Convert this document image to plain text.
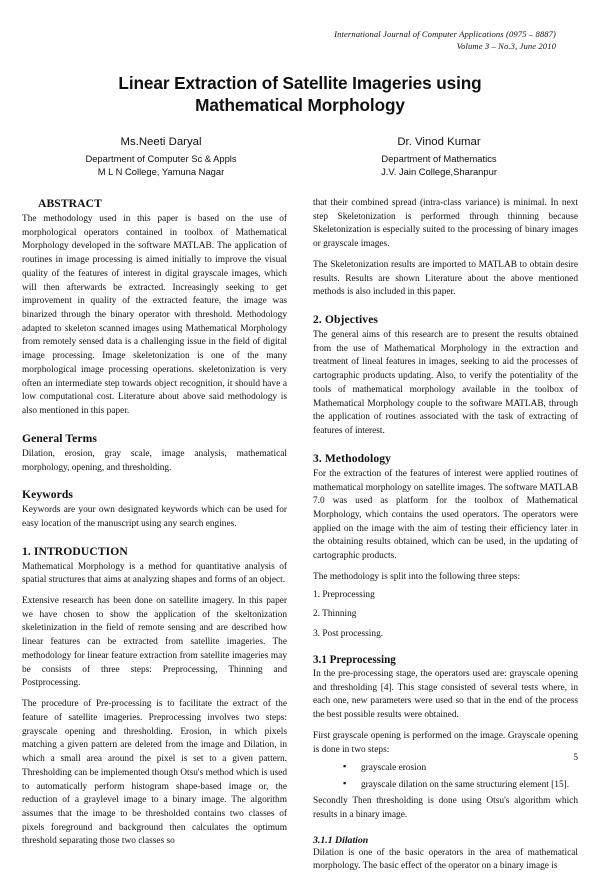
International Journal of Computer Applications (0975 – 8887)
Volume 3 – No.3, June 2010
Linear Extraction of Satellite Imageries using
Mathematical Morphology
Ms.Neeti Daryal
Department of Computer Sc & Appls
M L N College, Yamuna Nagar
Dr. Vinod Kumar
Department of Mathematics
J.V. Jain College,Sharanpur
ABSTRACT

The methodology used in this paper is based on the use of morphological operators contained in toolbox of Mathematical Morphology developed in the software MATLAB. The application of routines in image processing is aimed initially to improve the visual quality of the features of interest in digital grayscale images, which will then afterwards be extracted. Increasingly seeking to get improvement in quality of the extracted feature, the image was binarized through the binary operator with threshold. Methodology adapted to skeleton scanned images using Mathematical Morphology from remotely sensed data is a challenging issue in the field of digital image processing. Image skeletonization is one of the many morphological image processing operations. skeletonization is very often an intermediate step towards object recognition, it should have a low computational cost. Literature about above said methodology is also mentioned in this paper.

General Terms

Dilation, erosion, gray scale, image analysis, mathematical morphology, opening, and thresholding.

Keywords

Keywords are your own designated keywords which can be used for easy location of the manuscript using any search engines.

1. INTRODUCTION

Mathematical Morphology is a method for quantitative analysis of spatial structures that aims at analyzing shapes and forms of an object.

Extensive research has been done on satellite imagery. In this paper we have chosen to show the application of the skeltonization skeletinization in the field of remote sensing and are described how linear features can be extracted from satellite imageries. The methodology for linear feature extraction from satellite imageries may be consists of three steps: Preprocessing, Thinning and Postprocessing.

The procedure of Pre-processing is to facilitate the extract of the feature of satellite imageries. Preprocessing involves two steps: grayscale opening and thresholding. Erosion, in which pixels matching a given pattern are deleted from the image and Dilation, in which a small area around the pixel is set to a given pattern. Thresholding can be implemented though Otsu's method which is used to automatically perform histogram shape-based image or, the reduction of a graylevel image to a binary image. The algorithm assumes that the image to be thresholded contains two classes of pixels foreground and background then calculates the optimum threshold separating those two classes so

that their combined spread (intra-class variance) is minimal. In next step Skeletonization is performed through thinning because Skeletonization is especially suited to the processing of binary images or grayscale images.

The Skeletonization results are imported to MATLAB to obtain desire results. Results are shown Literature about the above mentioned methods is also included in this paper.

2. Objectives

The general aims of this research are to present the results obtained from the use of Mathematical Morphology in the extraction and treatment of lineal features in images, seeking to aid the processes of cartographic products updating. Also, to verify the potentiality of the tools of mathematical morphology available in the toolbox of Mathematical Morphology couple to the software MATLAB, through the application of routines associated with the task of extracting of features of interest.

3. Methodology

For the extraction of the features of interest were applied routines of mathematical morphology on satellite images. The software MATLAB 7.0 was used as platform for the toolbox of Mathematical Morphology, which contains the used operators. The operators were applied on the image with the aim of testing their efficiency later in the obtaining results obtained, which can be used, in the updating of cartographic products.

The methodology is split into the following three steps:

1. Preprocessing
2. Thinning
3. Post processing.
3.1 Preprocessing

In the pre-processing stage, the operators used are: grayscale opening and thresholding [4]. This stage consisted of several tests where, in each one, new parameters were used so that in the end of the process the best possible results were obtained.

First grayscale opening is performed on the image. Grayscale opening is done in two steps:

▪ grayscale erosion
▪ grayscale dilation on the same structuring element [15].

Secondly Then thresholding is done using Otsu's algorithm which results in a binary image.

3.1.1 Dilation

Dilation is one of the basic operators in the area of mathematical morphology. The basic effect of the operator on a binary image is

5
